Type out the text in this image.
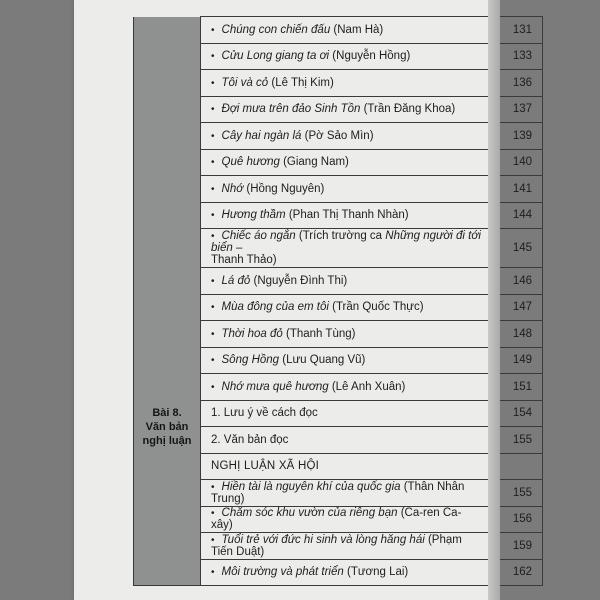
	• Chúng con chiến đấu (Nam Hà)	131
	• Cửu Long giang ta ơi (Nguyễn Hồng)	133
	• Tôi và cỏ (Lê Thị Kim)	136
	• Đợi mưa trên đảo Sinh Tồn (Trần Đăng Khoa)	137
	• Cây hai ngàn lá (Pờ Sảo Mìn)	139
	• Quê hương (Giang Nam)	140
	• Nhớ (Hồng Nguyên)	141
	• Hương thầm (Phan Thị Thanh Nhàn)	144
	• Chiếc áo ngắn (Trích trường ca Những người đi tới biển –
Thanh Thảo)	145
	• Lá đỏ (Nguyễn Đình Thi)	146
	• Mùa đông của em tôi (Trần Quốc Thực)	147
	• Thời hoa đỏ (Thanh Tùng)	148
	• Sông Hồng (Lưu Quang Vũ)	149
	• Nhớ mưa quê hương (Lê Anh Xuân)	151

Bài 8.
Văn bản
nghị luận	1. Lưu ý về cách đọc	154
	2. Văn bản đọc	155
	NGHỊ LUẬN XÃ HỘI	
	• Hiền tài là nguyên khí của quốc gia (Thân Nhân Trung)	155
	• Chăm sóc khu vườn của riêng bạn (Ca-ren Ca-xây)	156
	• Tuổi trẻ với đức hi sinh và lòng hăng hái (Phạm Tiến Duật)	159
	• Môi trường và phát triển (Tương Lai)	162
